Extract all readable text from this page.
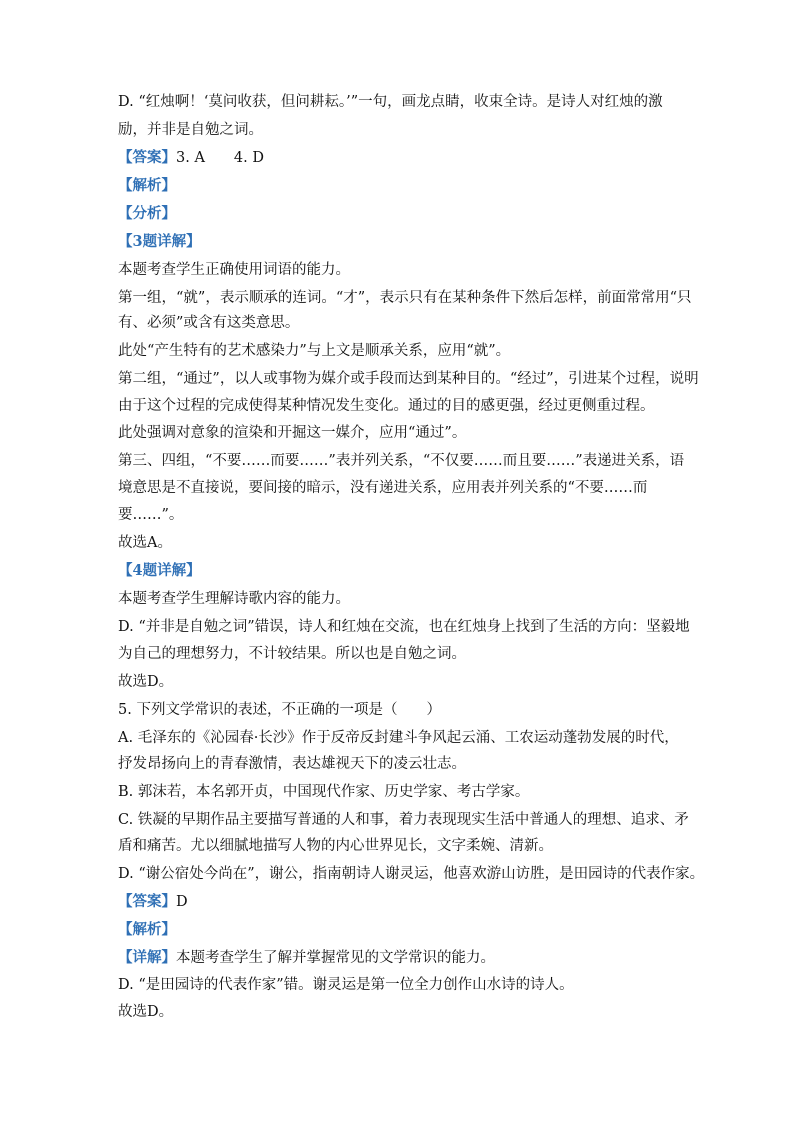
D. “红烛啊！‘莫问收获，但问耕耘。’”一句，画龙点睛，收束全诗。是诗人对红烛的激
励，并非是自勉之词。
【答案】3. A　　4. D
【解析】
【分析】
【3题详解】
本题考查学生正确使用词语的能力。
第一组，“就”，表示顺承的连词。“才”，表示只有在某种条件下然后怎样，前面常常用“只
有、必须”或含有这类意思。
此处“产生特有的艺术感染力”与上文是顺承关系，应用“就”。
第二组，“通过”，以人或事物为媒介或手段而达到某种目的。“经过”，引进某个过程，说明
由于这个过程的完成使得某种情况发生变化。通过的目的感更强，经过更侧重过程。
此处强调对意象的渲染和开掘这一媒介，应用“通过”。
第三、四组，“不要……而要……”表并列关系，“不仅要……而且要……”表递进关系，语
境意思是不直接说，要间接的暗示，没有递进关系，应用表并列关系的“不要……而
要……”。
故选A。
【4题详解】
本题考查学生理解诗歌内容的能力。
D. “并非是自勉之词”错误，诗人和红烛在交流，也在红烛身上找到了生活的方向：坚毅地
为自己的理想努力，不计较结果。所以也是自勉之词。
故选D。
5. 下列文学常识的表述，不正确的一项是（　　）
A. 毛泽东的《沁园春·长沙》作于反帝反封建斗争风起云涌、工农运动蓬勃发展的时代，
抒发昂扬向上的青春激情，表达雄视天下的凌云壮志。
B. 郭沫若，本名郭开贞，中国现代作家、历史学家、考古学家。
C. 铁凝的早期作品主要描写普通的人和事，着力表现现实生活中普通人的理想、追求、矛
盾和痛苦。尤以细腻地描写人物的内心世界见长，文字柔婉、清新。
D. “谢公宿处今尚在”，谢公，指南朝诗人谢灵运，他喜欢游山访胜，是田园诗的代表作家。
【答案】D
【解析】
【详解】本题考查学生了解并掌握常见的文学常识的能力。
D. “是田园诗的代表作家”错。谢灵运是第一位全力创作山水诗的诗人。
故选D。
